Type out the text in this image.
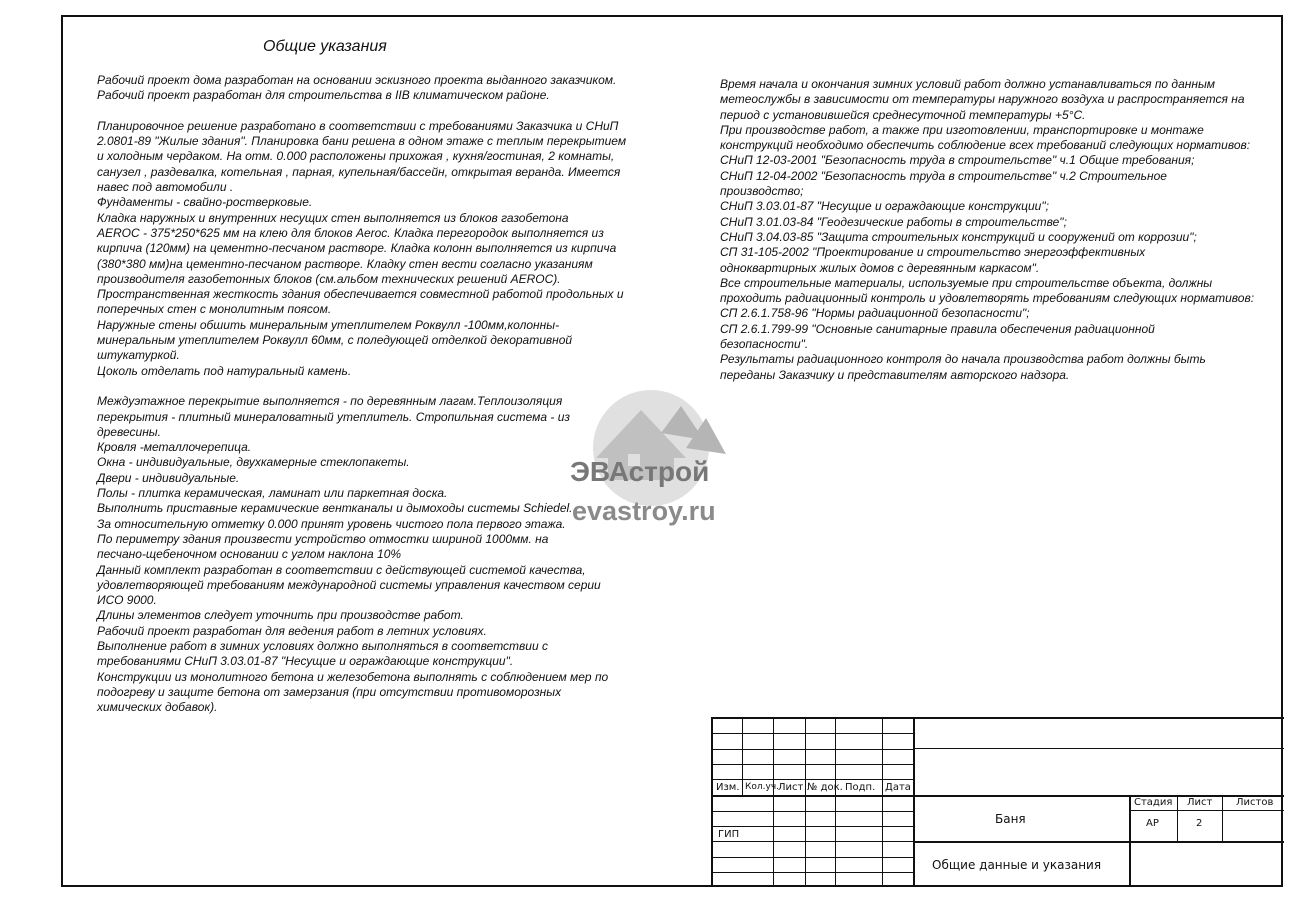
Общие указания
Рабочий проект дома разработан на основании эскизного проекта выданного заказчиком.
Рабочий проект разработан для строительства в IIВ климатическом районе.
Планировочное решение разработано в соответствии с требованиями Заказчика и СНиП
2.0801-89 "Жилые здания". Планировка бани решена в одном этаже с теплым перекрытием
и холодным чердаком. На отм. 0.000 расположены прихожая , кухня/гостиная, 2 комнаты,
санузел , раздевалка, котельная , парная, купельная/бассейн, открытая веранда. Имеется
навес под автомобили .
Фундаменты - свайно-ростверковые.
Кладка наружных и внутренних несущих стен выполняется из блоков газобетона
AEROC - 375*250*625 мм на клею для блоков Aeroc. Кладка перегородок выполняется из
кирпича (120мм) на цементно-песчаном растворе. Кладка колонн выполняется из кирпича
(380*380 мм)на цементно-песчаном растворе. Кладку стен вести согласно указаниям
производителя газобетонных блоков (см.альбом технических решений AEROC).
Пространственная жесткость здания обеспечивается совместной работой продольных и
поперечных стен с монолитным поясом.
Наружные стены обшить минеральным утеплителем Роквулл -100мм,колонны-
минеральным утеплителем Роквулл 60мм, с поледующей отделкой декоративной
штукатуркой.
Цоколь отделать под натуральный камень.
Междуэтажное перекрытие выполняется - по деревянным лагам.Теплоизоляция
перекрытия - плитный минераловатный утеплитель. Стропильная система - из
древесины.
Кровля -металлочерепица.
Окна - индивидуальные, двухкамерные стеклопакеты.
Двери - индивидуальные.
Полы - плитка керамическая, ламинат или паркетная доска.
Выполнить приставные керамические вентканалы и дымоходы системы Schiedel.
За относительную отметку 0.000 принят уровень чистого пола первого этажа.
По периметру здания произвести устройство отмостки шириной 1000мм. на
песчано-щебеночном основании с углом наклона 10%
Данный комплект разработан в соответствии с действующей системой качества,
удовлетворяющей требованиям международной системы управления качеством серии
ИСО 9000.
Длины элементов следует уточнить при производстве работ.
Рабочий проект разработан для ведения работ в летних условиях.
Выполнение работ в зимних условиях должно выполняться в соответствии с
требованиями СНиП 3.03.01-87 "Несущие и ограждающие конструкции".
Конструкции из монолитного бетона и железобетона выполнять с соблюдением мер по
подогреву и защите бетона от замерзания (при отсутствии противоморозных
химических добавок).
Время начала и окончания зимних условий работ должно устанавливаться по данным
метеослужбы в зависимости от температуры наружного воздуха и распространяется на
период с установившейся среднесуточной температуры +5°С.
При производстве работ, а также при изготовлении, транспортировке и монтаже
конструкций необходимо обеспечить соблюдение всех требований следующих нормативов:
СНиП 12-03-2001 "Безопасность труда в строительстве" ч.1 Общие требования;
СНиП 12-04-2002 "Безопасность труда в строительстве" ч.2 Строительное
производство;
СНиП 3.03.01-87 "Несущие и ограждающие конструкции";
СНиП 3.01.03-84 "Геодезические работы в строительстве";
СНиП 3.04.03-85 "Защита строительных конструкций и сооружений от коррозии";
СП 31-105-2002 "Проектирование и строительство энергоэффективных
одноквартирных жилых домов с деревянным каркасом".
Все строительные материалы, используемые при строительстве объекта, должны
проходить радиационный контроль и удовлетворять требованиям следующих нормативов:
СП 2.6.1.758-96 "Нормы радиационной безопасности";
СП 2.6.1.799-99 "Основные санитарные правила обеспечения радиационной
безопасности".
Результаты радиационного контроля до начала производства работ должны быть
переданы Заказчику и представителям авторского надзора.
ЭВАстрой
evastroy.ru
Изм. Кол.уч.
Лист № док. Подп. Дата
ГИП
Баня
Общие данные и указания
Стадия Лист Листов
АР	2
